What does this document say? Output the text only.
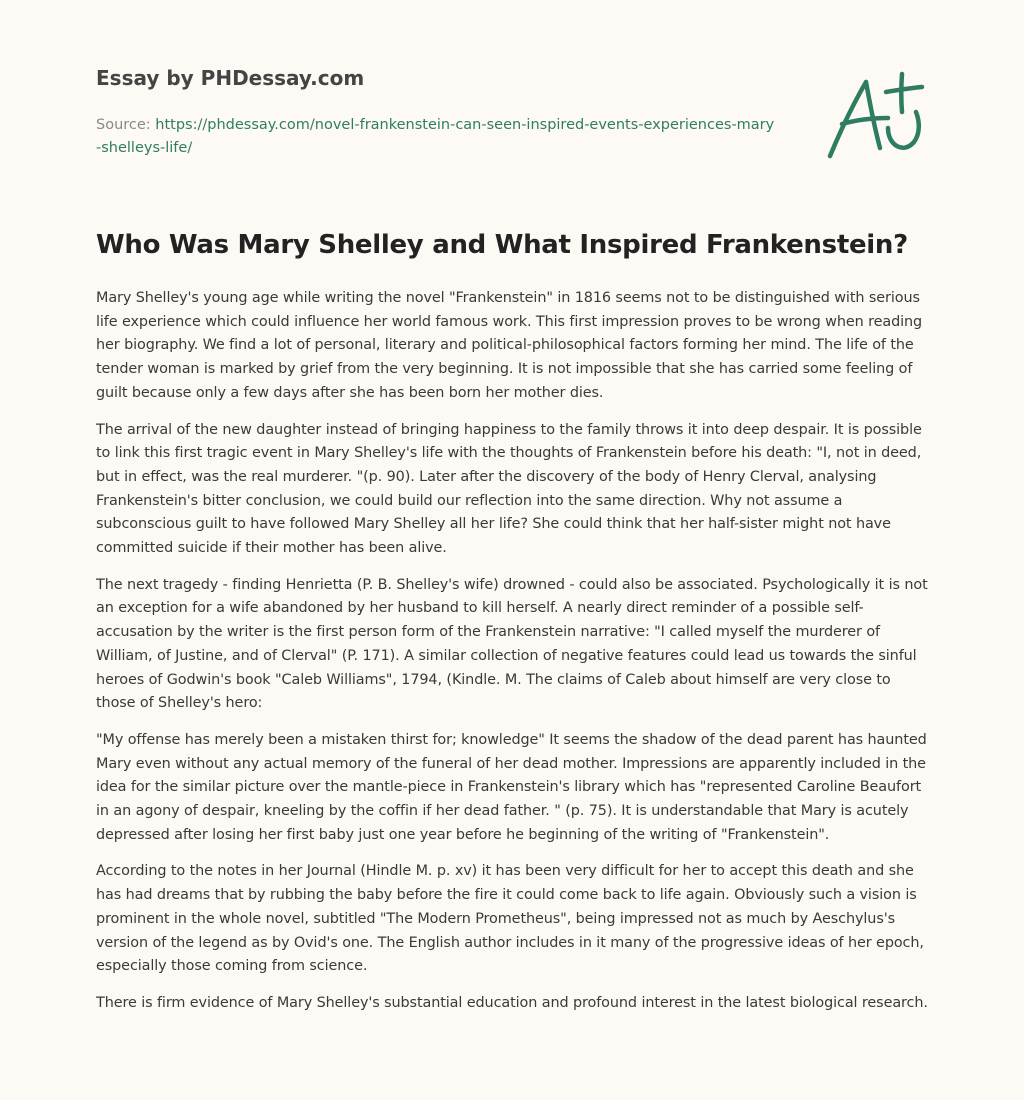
Essay by PHDessay.com
Source: https://phdessay.com/novel-frankenstein-can-seen-inspired-events-experiences-mary-shelleys-life/
Who Was Mary Shelley and What Inspired Frankenstein?

Mary Shelley's young age while writing the novel "Frankenstein" in 1816 seems not to be distinguished with serious life experience which could influence her world famous work. This first impression proves to be wrong when reading her biography. We find a lot of personal, literary and political-philosophical factors forming her mind. The life of the tender woman is marked by grief from the very beginning. It is not impossible that she has carried some feeling of guilt because only a few days after she has been born her mother dies.

The arrival of the new daughter instead of bringing happiness to the family throws it into deep despair. It is possible to link this first tragic event in Mary Shelley's life with the thoughts of Frankenstein before his death: "I, not in deed, but in effect, was the real murderer. "(p. 90). Later after the discovery of the body of Henry Clerval, analysing Frankenstein's bitter conclusion, we could build our reflection into the same direction. Why not assume a subconscious guilt to have followed Mary Shelley all her life? She could think that her half-sister might not have committed suicide if their mother has been alive.

The next tragedy - finding Henrietta (P. B. Shelley's wife) drowned - could also be associated. Psychologically it is not an exception for a wife abandoned by her husband to kill herself. A nearly direct reminder of a possible self-accusation by the writer is the first person form of the Frankenstein narrative: "I called myself the murderer of William, of Justine, and of Clerval" (P. 171). A similar collection of negative features could lead us towards the sinful heroes of Godwin's book "Caleb Williams", 1794, (Kindle. M. The claims of Caleb about himself are very close to those of Shelley's hero:

"My offense has merely been a mistaken thirst for; knowledge" It seems the shadow of the dead parent has haunted Mary even without any actual memory of the funeral of her dead mother. Impressions are apparently included in the idea for the similar picture over the mantle-piece in Frankenstein's library which has "represented Caroline Beaufort in an agony of despair, kneeling by the coffin if her dead father. " (p. 75). It is understandable that Mary is acutely depressed after losing her first baby just one year before he beginning of the writing of "Frankenstein".

According to the notes in her Journal (Hindle M. p. xv) it has been very difficult for her to accept this death and she has had dreams that by rubbing the baby before the fire it could come back to life again. Obviously such a vision is prominent in the whole novel, subtitled "The Modern Prometheus", being impressed not as much by Aeschylus's version of the legend as by Ovid's one. The English author includes in it many of the progressive ideas of her epoch, especially those coming from science.

There is firm evidence of Mary Shelley's substantial education and profound interest in the latest biological research.
